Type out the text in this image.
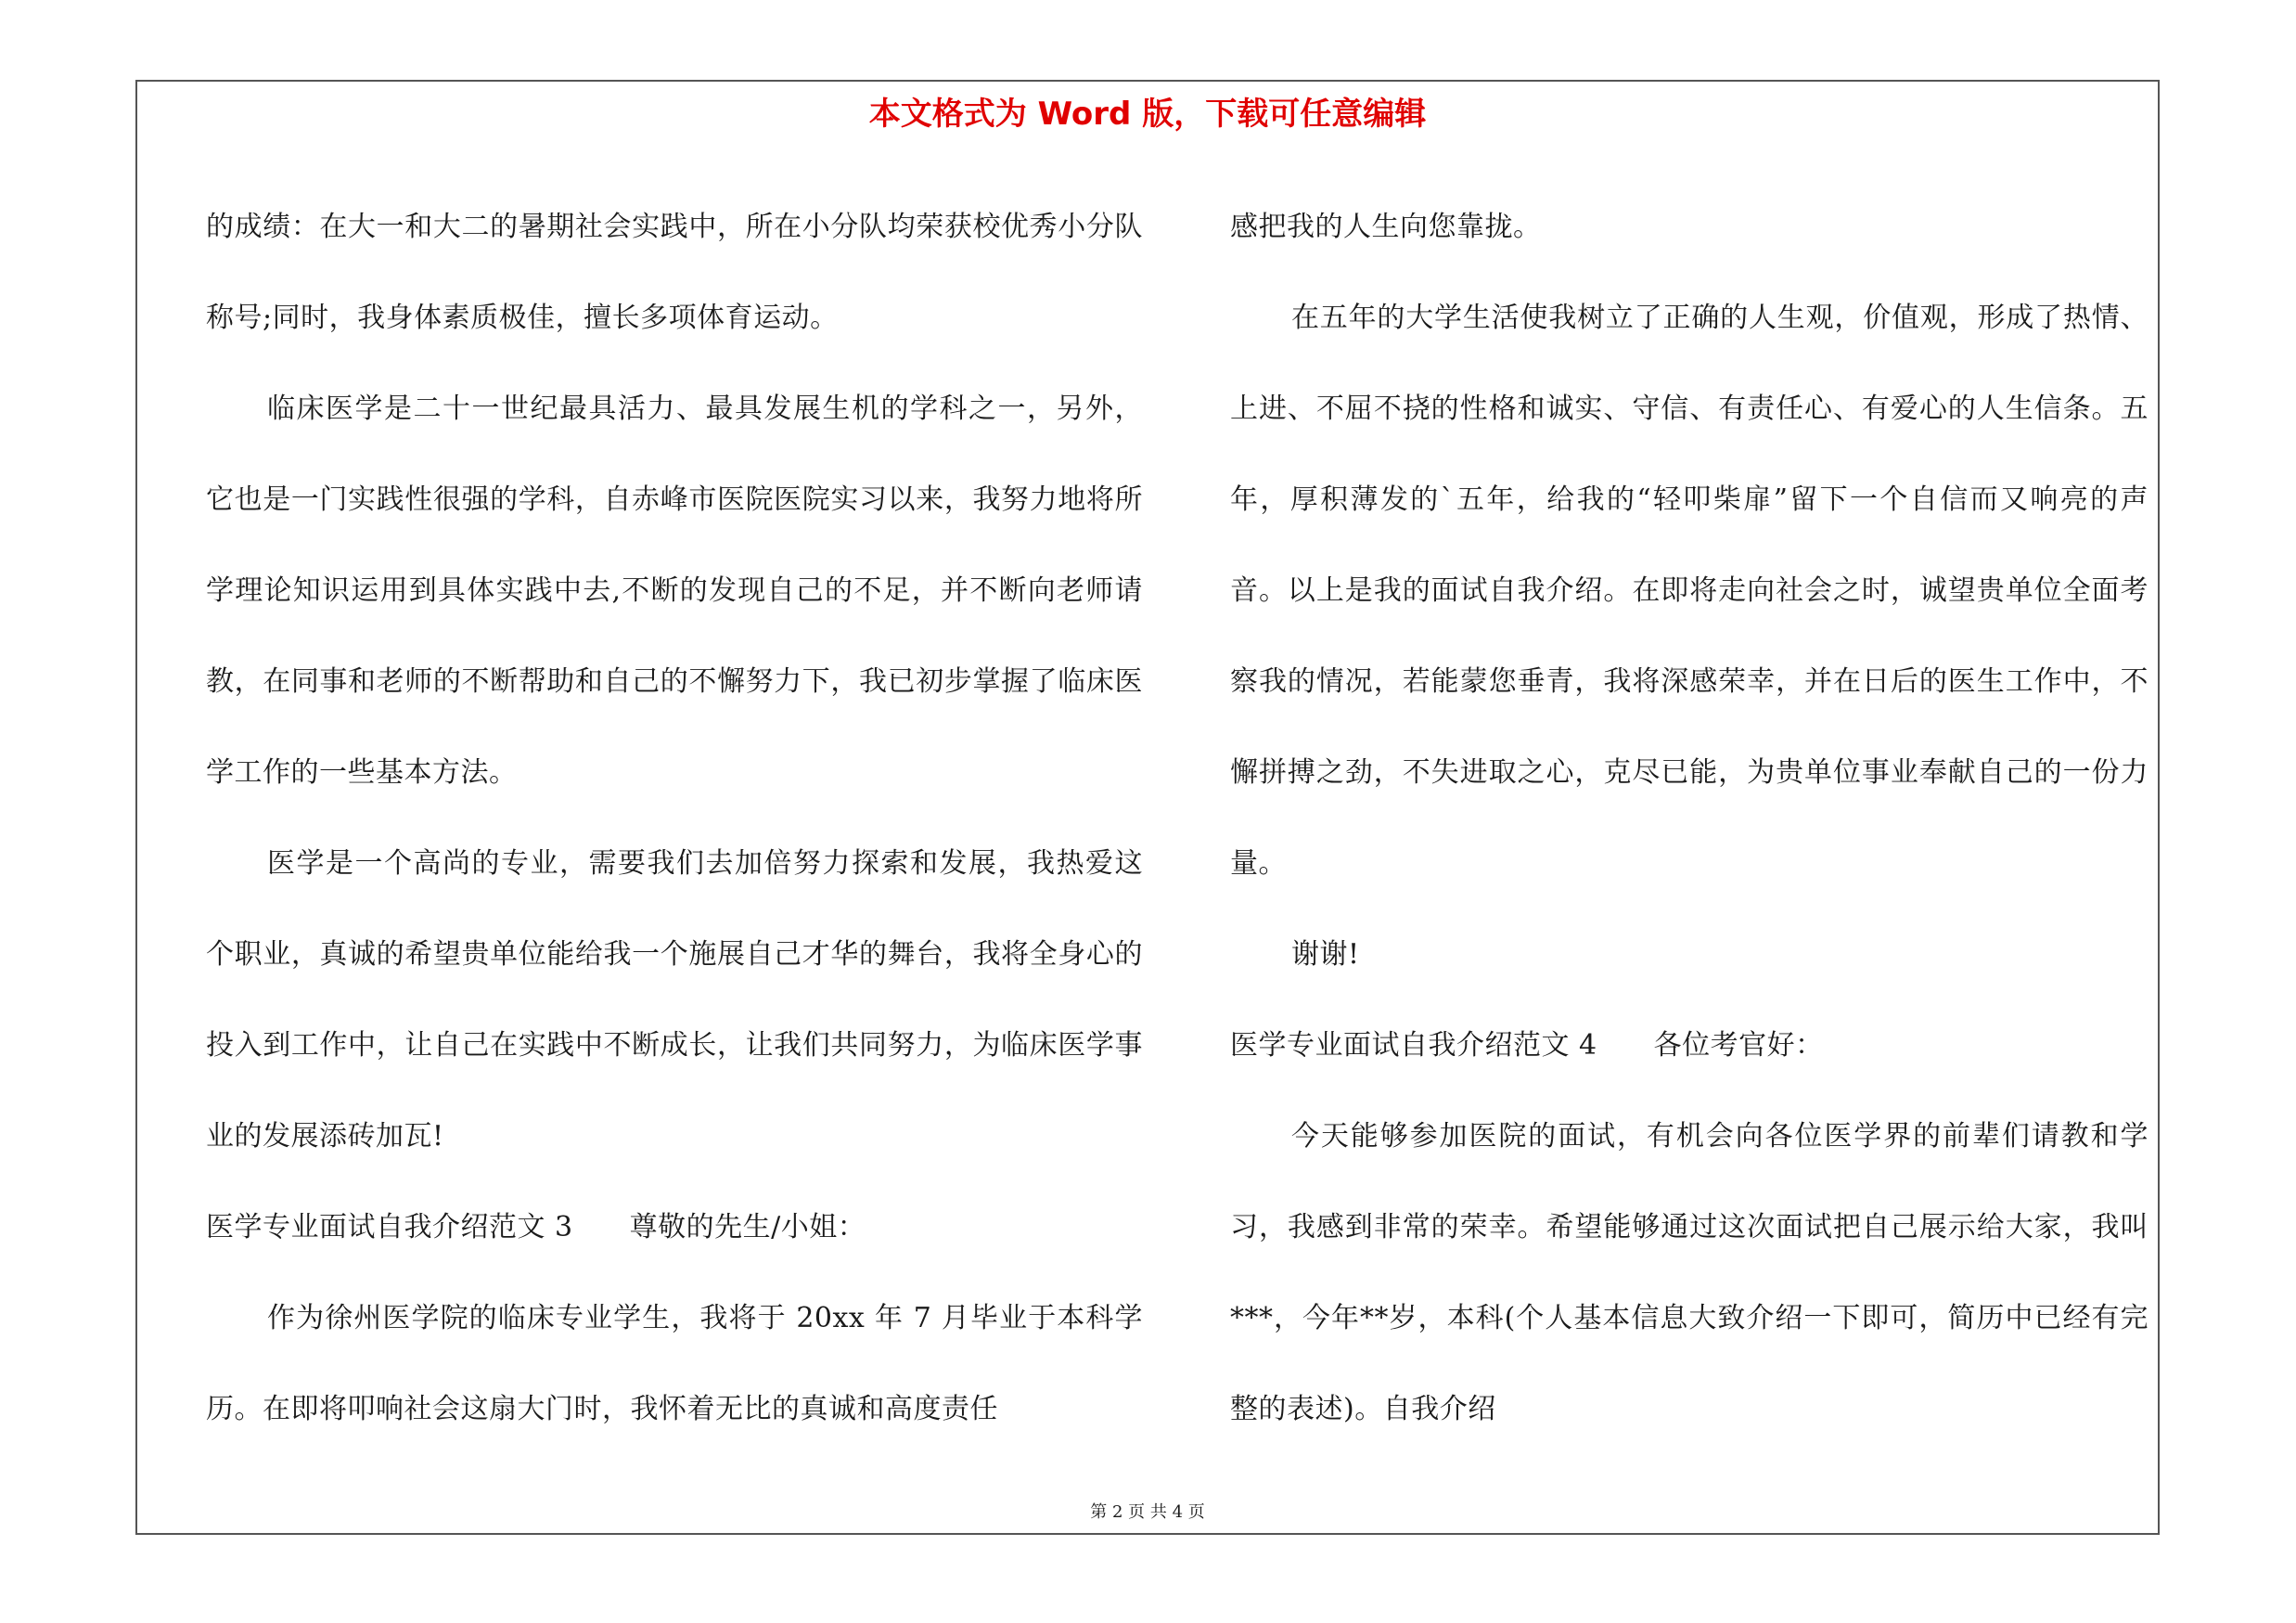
本文格式为 Word 版，下载可任意编辑

的成绩：在大一和大二的暑期社会实践中，所在小分队均荣获校优秀小分队称号;同时，我身体素质极佳，擅长多项体育运动。

临床医学是二十一世纪最具活力、最具发展生机的学科之一，另外，它也是一门实践性很强的学科，自赤峰市医院医院实习以来，我努力地将所学理论知识运用到具体实践中去,不断的发现自己的不足，并不断向老师请教，在同事和老师的不断帮助和自己的不懈努力下，我已初步掌握了临床医学工作的一些基本方法。

医学是一个高尚的专业，需要我们去加倍努力探索和发展，我热爱这个职业，真诚的希望贵单位能给我一个施展自己才华的舞台，我将全身心的投入到工作中，让自己在实践中不断成长，让我们共同努力，为临床医学事业的发展添砖加瓦!

医学专业面试自我介绍范文 3　　尊敬的先生/小姐：

作为徐州医学院的临床专业学生，我将于 20xx 年 7 月毕业于本科学历。在即将叩响社会这扇大门时，我怀着无比的真诚和高度责任

感把我的人生向您靠拢。

在五年的大学生活使我树立了正确的人生观，价值观，形成了热情、上进、不屈不挠的性格和诚实、守信、有责任心、有爱心的人生信条。五年，厚积薄发的`五年，给我的“轻叩柴扉”留下一个自信而又响亮的声音。以上是我的面试自我介绍。在即将走向社会之时，诚望贵单位全面考察我的情况，若能蒙您垂青，我将深感荣幸，并在日后的医生工作中，不懈拼搏之劲，不失进取之心，克尽已能，为贵单位事业奉献自己的一份力量。

谢谢!

医学专业面试自我介绍范文 4　　各位考官好：

今天能够参加医院的面试，有机会向各位医学界的前辈们请教和学习，我感到非常的荣幸。希望能够通过这次面试把自己展示给大家，我叫***，今年**岁，本科(个人基本信息大致介绍一下即可，简历中已经有完整的表述)。自我介绍

第 2 页 共 4 页
